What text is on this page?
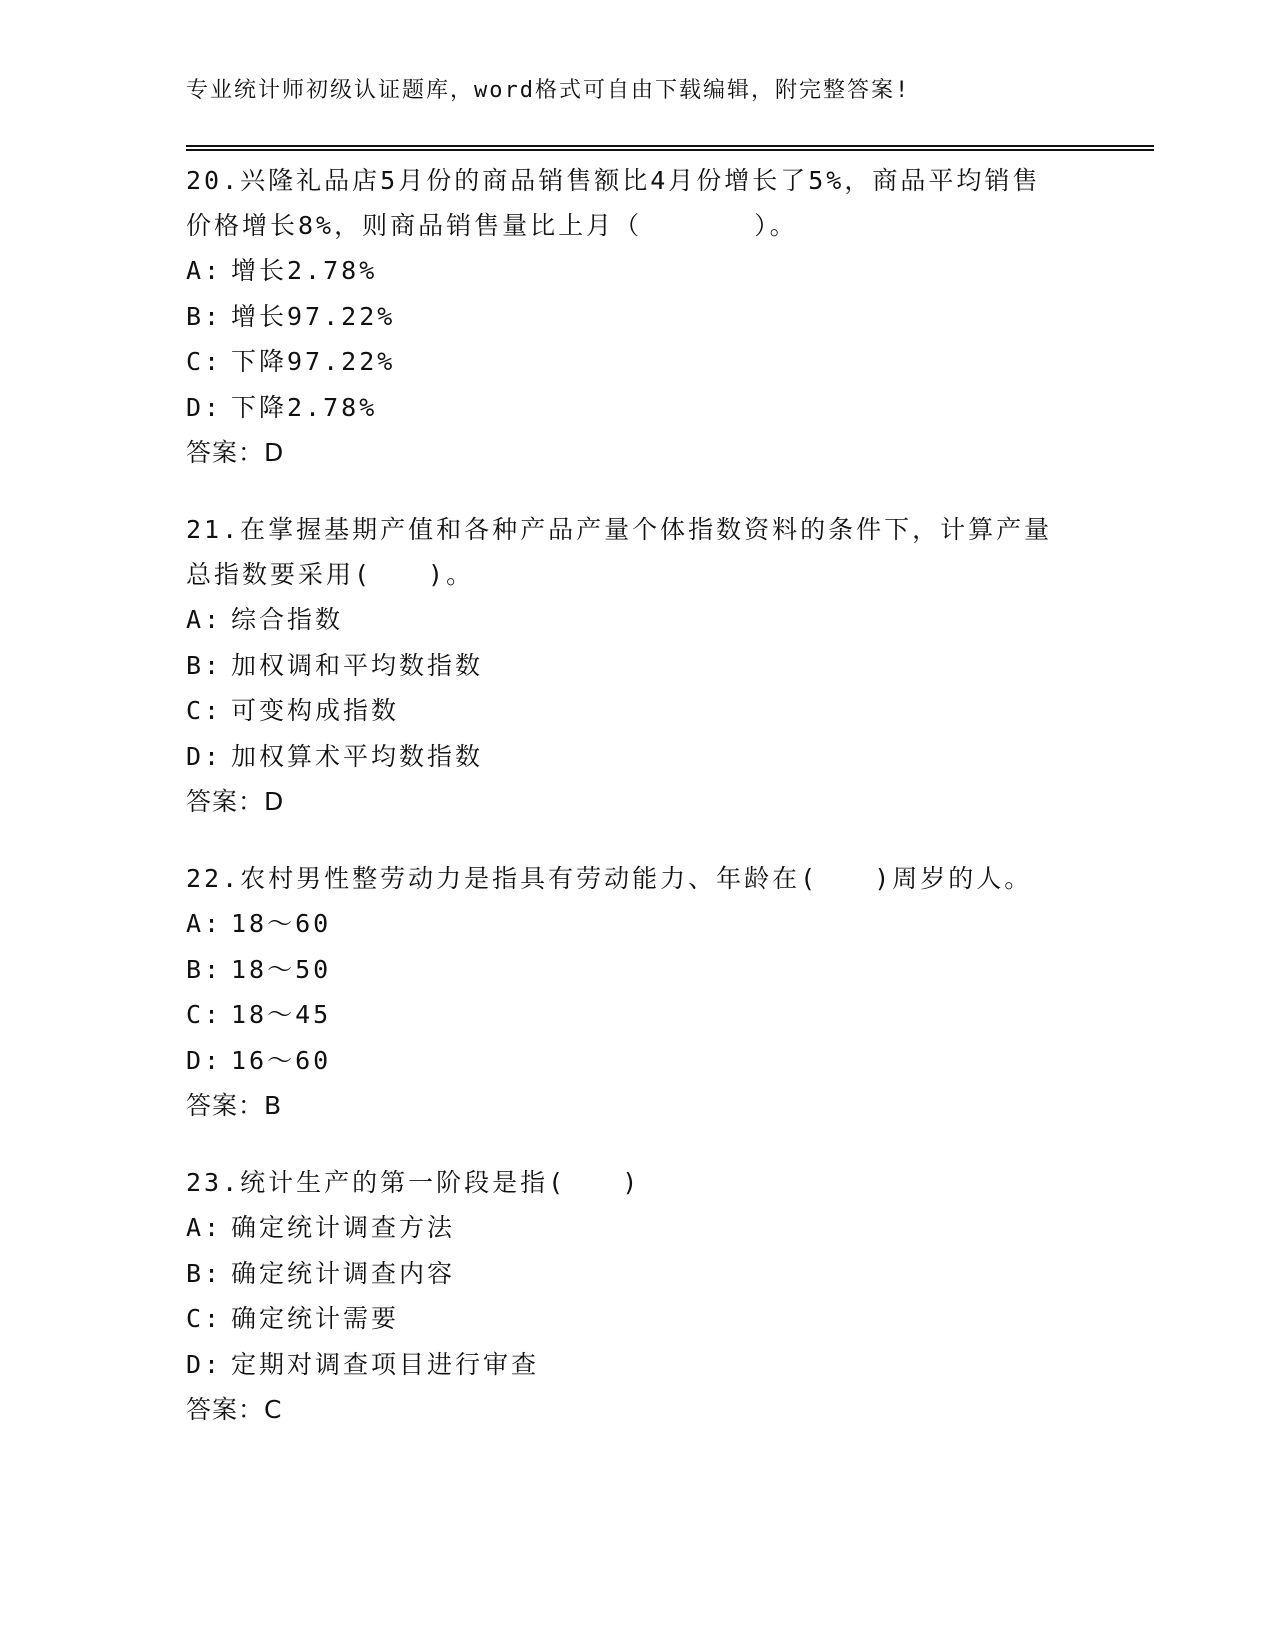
专业统计师初级认证题库，word格式可自由下载编辑，附完整答案!

20.兴隆礼品店5月份的商品销售额比4月份增长了5%，商品平均销售

价格增长8%，则商品销售量比上月（　　　　）。

A: 增长2.78%

B: 增长97.22%

C: 下降97.22%

D: 下降2.78%

答案：D

21.在掌握基期产值和各种产品产量个体指数资料的条件下，计算产量

总指数要采用(　　)。

A: 综合指数

B: 加权调和平均数指数

C: 可变构成指数

D: 加权算术平均数指数

答案：D

22.农村男性整劳动力是指具有劳动能力、年龄在(　　)周岁的人。

A: 18～60

B: 18～50

C: 18～45

D: 16～60

答案：B

23.统计生产的第一阶段是指(　　)

A: 确定统计调查方法

B: 确定统计调查内容

C: 确定统计需要

D: 定期对调查项目进行审查

答案：C
